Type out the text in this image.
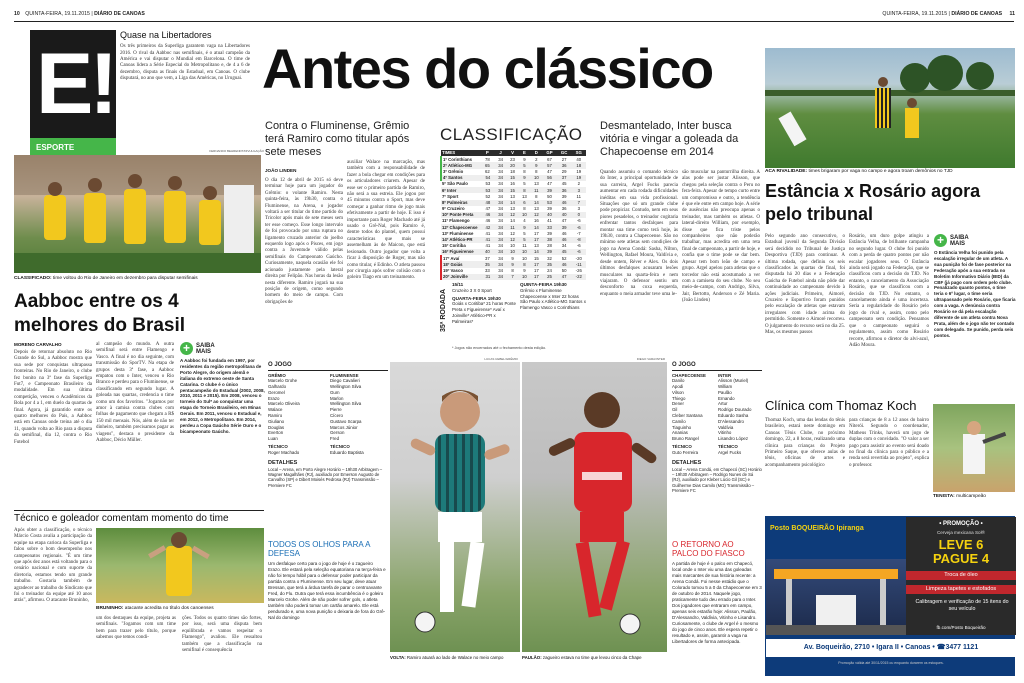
10 QUINTA-FEIRA, 19.11.2015 | DIÁRIO DE CANOAS	QUINTA-FEIRA, 19.11.2015 | DIÁRIO DE CANOAS 11
E!
ESPORTE
Quase na Libertadores
Os três primeiros da Superliga garantem vaga na Libertadores 2016. O rival da Aabboc nas semifinais, é o atual campeão da América e vai disputar o Mundial em Barcelona. O time de Canoas lidera a Série Especial do Metropolitano e, de 4 a 6 de dezembro, disputa as finais do Estadual, em Canoas. O clube disputará, no ano que vem, a Liga das Américas, no Uruguai. Antes do clássico
Contra o Fluminense, Grêmio terá Ramiro como titular após sete meses
FERNANDO BEHRENDT/DIVULGAÇÃO
CLASSIFICADO: time voltou do Rio de Janeiro em dezembro para disputar semifinais
JOÃO LINDEN
O dia 12 de abril de 2015 só deve terminar hoje para um jogador do Grêmio: o volante Ramiro. Nesta quinta-feira, às 19h30, contra o Fluminense, na Arena, o jogador voltará a ser titular do time partido do Tricolor após mais de sete meses sem ter esse começo. Esse longo intervalo de foi provocado por uma ruptura no ligamento cruzado anterior do joelho esquerdo logo após o Pisces, em jogo contra a Juventude válido pelas semifinais do Campeonato Gaúcho. Curiosamente, naquela ocasião ele foi acionado justamente pela lateral direita por Felipão. Nas horas da lesão nesta diferente. Ramiro jogará na sua posição de origem, como segundo homem do meio de campo. Com obrigações de
auxiliar Walace na marcação, mas também com a responsabilidade de fazer a bola chegar em condições para os articuladores criarem. Apesar de esse ser o primeiro partida de Ramiro, não será a sua estreia. Ele jogou por 45 minutos contra o Sport, mas deve começar a ganhar ritmo de jogo mais efetivamente a partir de hoje. E isso é importante para Roger Machado até já usado o Grê-Nal, pois Ramiro é, dentre todos do plantel, quem possui características que mais se assemelham às de Maicon, que está lesionado. Outro jogador que volta a ficar à disposição de Roger, mas não como titular, é Edinho. O atleta passou por cirurgia após sofrer colisão com o goleiro Tiago em um treinamento.
CLASSIFICAÇÃO
TIMES	P	J	V	E	D	GP	GC	SG
1º Corinthians	78	34	23	9	2	67	27	40
2º Atlético-MG	65	34	20	5	9	57	36	18
3º Grêmio	62	34	18	8	8	47	29	19
4º Santos	54	34	15	9	10	56	37	19
5º São Paulo	53	34	16	5	13	47	45	2
6º Inter	53	34	15	8	11	39	36	3
7º Sport	52	34	13	13	8	50	39	11
8º Palmeiras	48	34	14	6	14	53	46	7
9º Cruzeiro	47	34	13	8	13	39	36	3
10º Ponte Preta	46	34	12	10	12	40	40	0
11º Flamengo	46	34	14	4	16	41	47	-6
12º Chapecoense	42	34	11	9	14	33	39	-6
13º Fluminense	41	34	12	5	17	39	46	-7
14º Atlético-PR	41	34	12	5	17	38	46	-8
15º Coritiba	41	34	10	11	13	28	34	-6
16º Figueirense	40	34	10	10	14	39	45	-6
17º Avaí	37	34	9	10	15	32	52	-20
18º Goiás	35	34	9	8	17	35	46	-11
19º Vasco	33	34	8	9	17	24	50	-26
20º Joinville	31	34	7	10	17	25	47	-22
35ª RODADA
15/11
Cruzeiro 3 X 0 Sport
QUARTA-FEIRA 19h30
Goiás x Coritiba* 21 horas Ponte Preta x Figueirense* Avaí x Joinville* Atlético-PR x Palmeiras*
QUINTA-FEIRA 19h30
Grêmio x Fluminense Chapecoense x Inter 22 horas São Paulo x Atlético-MG Santos x Flamengo Vasco x Corinthians
* Jogos não encerrados até o fechamento desta edição.
Desmantelado, Inter busca vitória e vingar a goleada da Chapecoense em 2014
Quando assumiu o comando técnico do Inter, a principal oportunidade de sua carreira, Argel Fucks parecia aumentar em cada rodada dificuldades inéditas em sua vida profissional. Situações que só um grande clube pode propiciar. Contudo, nem em seus piores pesadelos, o treinador cogitaria enfrentar tantos desfalques para montar sua time como terá hoje, às 19h30, contra a Chapecoense. São no mínimo sete atletas sem condições de jogo na Arena Condá: Sasha, Nilton, Wellington, Rafael Moura, Valdívia e, desde ontem, Réver e Alex. Os dois últimos desfalques acusaram lesões musculares na quarta-feira e nem viajaram. O defensor sentiu um desconforto na coxa esquerda, enquanto o meia armador teve uma le-
são muscular na panturrilha direita. A alas pode ser justar Alisson, que chegou pela seleção contra o Peru no fera-feira. Apesar de tempo curto entre um compromisso e outro, a tendência é que ele entre em campo hoje. A série de ausências não preocupa apenas o treinador, mas também os atletas. O lateral-direito William, por exemplo, disse que fica triste pelos companheiros que não poderão trabalhar, mas acredita em uma reta final de campeonato, a partir de hoje, e confia que o time pode se dar bem. Apesar tem bom leão de campo e grupo. Argel apelou para atletas que o torcedor não está acostumado a ver com a camiseta do seu clube. No seu meio-de-campo, com Andrigo, Silva, Jair, Bertotto, Anderson e Zé Maria. (João Linden)
ACA RIVALIDADE: times brigaram por vaga no campo e agora troam demônios no TJD
Estância x Rosário agora pelo tribunal
Pelo segundo ano consecutivo, o Estadual juvenil da Segunda Divisão será decidido no Tribunal de Justiça Desportiva (TJD) para continuar. A última rodada, que definiu os seis classificados às quartas de final, foi disputada há 20 dias e a Federação Gaúcha de Futebol ainda não pôde dar continuidade ao campeonato devido à ações judiciais. Primeiro, Aimoré, Cruzeiro e Esportivo foram punidos pelo escalação de atletas que estavam irregulares com idade acima do permitido. Somente o Aimoré recorreu. O julgamento do recurso será no dia 25. Mas, os mesmos passos
Rosário, um duro golpe atingiu a Estância Velha, de brilhante campanha no segundo lugar. O clube foi punido com a perda de quatro pontos por não escalar jogadores seus. O Estância ainda será jogado na Federação, que se classificou com a decisão do TJD. No entanto, o cancelamento da Associação Rosário, que se classificou com a decisão do TJD. No entanto, o cancelamento ainda é uma incerteza. Seria a regularidade do Rosário pelo jogo do rival e, assim, como pelo campeonato sem condição. Pensamos que o campeonato seguirá o regulamento, assim como Rosário recorre, afirmou o diretor do alvi-azul, Adão Moura.
+	SAIBA MAIS
O Estância Velha foi punido pela escalação irregular de um atleta. A sua punição foi de fase posterior na Federação após a sua entrada no Boletim Informativo Diário (BID) da CBF (já pago com ordem pelo clube. Penalizado quanto pontos, o time teria o 6º lugar, o time seria ultrapassado pelo Rosário, que ficaria com a vaga. A denúncia contra Rosário se dá pela escalação diferente de um atleta contra Nova Prata, além de o jogo não ter contado com delegado. Se punido, perda seis pontos.
Clínica com Thomaz Koch
Thomaz Koch, uma das lendas do tênis brasileiro, estará neste domingo em Canoas Tênis Clube, no próximo domingo, 22, a 8 horas, realizando uma clínica para crianças do Projeto Primeiro Saque, que oferece aulas de tênis, oficinas de artes e acompanhamento psicológico
para crianças de 8 a 12 anos do bairro Niterói. Segundo o coordenador, Matheus Trinks, haverá um jogo de duplas com o convidado. "O valor a ser pago para assistir ao evento será doado no final da clínica para o público e a renda será revertida ao projeto", explica o professor.
TENISTA: multicampeão
Aabboc entre os 4 melhores do Brasil
MORENO CARVALHO
Depois de retornar absoluto no Rio Grande do Sul, a Aabboc mostra que sua sede por conquistas ultrapassa fronteiras. No Rio de Janeiro, o clube fez bonito na 3ª fase da Superliga Fut7, e Campeonato Brasileiro da modalidade. Em sua última competição, venceu o Acadêmicos da Bola por 4 a 1, em duelo da quartas de final. Agora, já garantido entre os quatro melhores do País, a Aabboc está em Canoas onde treina até o dia 11, quando volta ao Rio para a disputa da semifinal, dia 12, contra o Rio Futebol
al campeão do mundo. A outra semifinal será entre Flamengo e Vasco. A final é no dia seguinte, com transmissão do SporTV. Na etapa de grupos desta 3ª fase, a Aabboc empatou com o Inter, venceu o Rio Branco e perdeu para o Fluminense, se classificando em segundo lugar. A goleada nas quartas, credencia o time como um dos favoritos. "Jogamos por amor à camisa contra clubes com folhas de pagamento que chegam a R$ 150 mil mensais. Nós, além de não ter dinheiro, também precisamos pagar as viagens", destaca o presidente da Aabboc, Décio Müller.
+	SAIBA MAIS
A Aabboc foi fundada em 1997, por residentes da região metropolitana de Porto Alegre, do origem alemã e italiana do extremo oeste de Santa Catarina. O clube é o único pentacampeão do Estadual (2002, 2008, 2010, 2011 e 2015). Em 2008, venceu o torneio do Sul* ao conquistar uma etapa do Torneio Brasileiro, em Minas Gerais. Em 2011, venceu o Estadual e, em 2012, o Metropolitano. Em 2014, perdeu a Copa Gaúcho Série Ouro e o bicampeonato Gaúcho.
Técnico e goleador comentam momento do time
Após obter a classificação, o técnico Márcio Costa avalia a participação da equipe na etapa carioca da Superliga e falou sobre o bom desempenho nos campeonatos regionais. "É um time que após dez anos está voltando para o cenário nacional e com suporte da diretoria, estamos tendo um grande trabalho. Gostaria também de agradecer ao trabalho do Sindicato que foi o treinador da equipe até 10 anos atrás", afirmou. O atacante Bruninho,
BRUNINHO: atacante acredita no título dos canoenses
um dos destaques da equipe, projeta as semifinais. "Jogamos com um time bem para trazer pelo título, porque sabemos que temos condi-
ções. Todos os quatro times são fortes, por isso, será uma disputa bem equilibrada e vamos respeitar o Flamengo", avaliou. Ele ressaltou também que a classificação na semifinal é consequência
O JOGO
GRÊMIO
Marcelo Grohe
Galhardo
Geromel
Erazo
Marcelo Oliveira
Walace
Ramiro
Giuliano
Douglas
Everton
Luan
TÉCNICO
Roger Machado
FLUMINENSE
Diego Cavalieri
Wellington Silva
Gum
Marlon
Wellington Silva
Pierre
Cícero
Gustavo Scarpa
Marcos Júnior
Gerson
Fred
TÉCNICO
Eduardo Baptista
DETALHES
Local – Arena, em Porto Alegre Horário – 19h30 Arbitragem – Wagner Magalhães (RJ), auxiliado por Emerson Augusto de Carvalho (SP) e Dibert Moisés Pedrosa (RJ) Transmissão – Premiere FC
LUCAS UEBEL/GRÊMIO	DIEGO VARA/INTER
O JOGO
CHAPECOENSE
Danilo
Apodi
Vilson
Thiego
Dener
Gil
Cleber Santana
Camilo
Tiaguinho
Ananias
Bruno Rangel
TÉCNICO
Guto Ferreira
INTER
Alisson (Muriel)
William
Paulão
Ernando
Artur
Rodrigo Dourado
Eduardo Sasha
D'Alessandro
Valdívia
Vitinho
Lisandro López
TÉCNICO
Argel Fucks
DETALHES
Local – Arena Condá, em Chapecó (SC) Horário – 19h30 Arbitragem – Rodrigo Nunes de Sá (RJ), auxiliado por Kleber Lúcio Gil (SC) e Guilherme Dias Camilo (MG) Transmissão – Premiere FC
TODOS OS OLHOS PARA A DEFESA
Um desfalque certo para o jogo de hoje é o zagueiro Erazo. Ele estará pela seleção equatoriana na terça-feira e não foi tempo hábil para o defensor poder participar da partida contra o Fluminense. Em seu lugar, deve atuar Bressan, que terá a árdua tarefa de parar o centroavante Fred, do Flu. Outra que terá essa incumbência é o goleiro Marcelo Grohe. Além de não poder sofrer gols, o atleta também não poderá tomar um cartão amarelo. Ele está pendurado e, uma nova punição o deixaria de fora do Grê-Nal do domingo
VOLTA: Ramiro atuará ao lado de Walace no meio campo
O RETORNO AO PALCO DO FIASCO
A partida de hoje é o palco em Chapecó, local onde o Inter viu uma das goleadas mais marcantes de sua história recente: a Arena Condá. Foi nesse estádio que o Colorado tomou 5 a 0 da Chapecoense em 3 de outubro de 2014. Naquele jogo, praticamente tudo deu errado para o Inter. Dos jogadores que entraram em campo, apenas seis estarão hoje: Alisson, Paulão, D'Alessandro, Valdívia, Vitinho e Lisandro. Curiosamente, o clube de Argel é o mesmo do jogo de cinco anos. Ele espera repetir o resultado e, assim, garantir a vaga na Libertadores de forma antecipada.
PAULÃO: zagueiro estava no time que levou cinco da Chape
• PROMOÇÃO •
Cerveja mexicana Sol®
LEVE 6
PAGUE 4
Troca de óleo
Limpeza tapetes e estofados
Calibragem e verificação de 15 itens do seu veículo
fb.com/Posto Boqueirão
Posto BOQUEIRÃO Ipiranga
Av. Boqueirão, 2710 • Igara II • Canoas • ☎3477 1121
Promoção válida até 30/11/2015 ou enquanto durarem os estoques.
